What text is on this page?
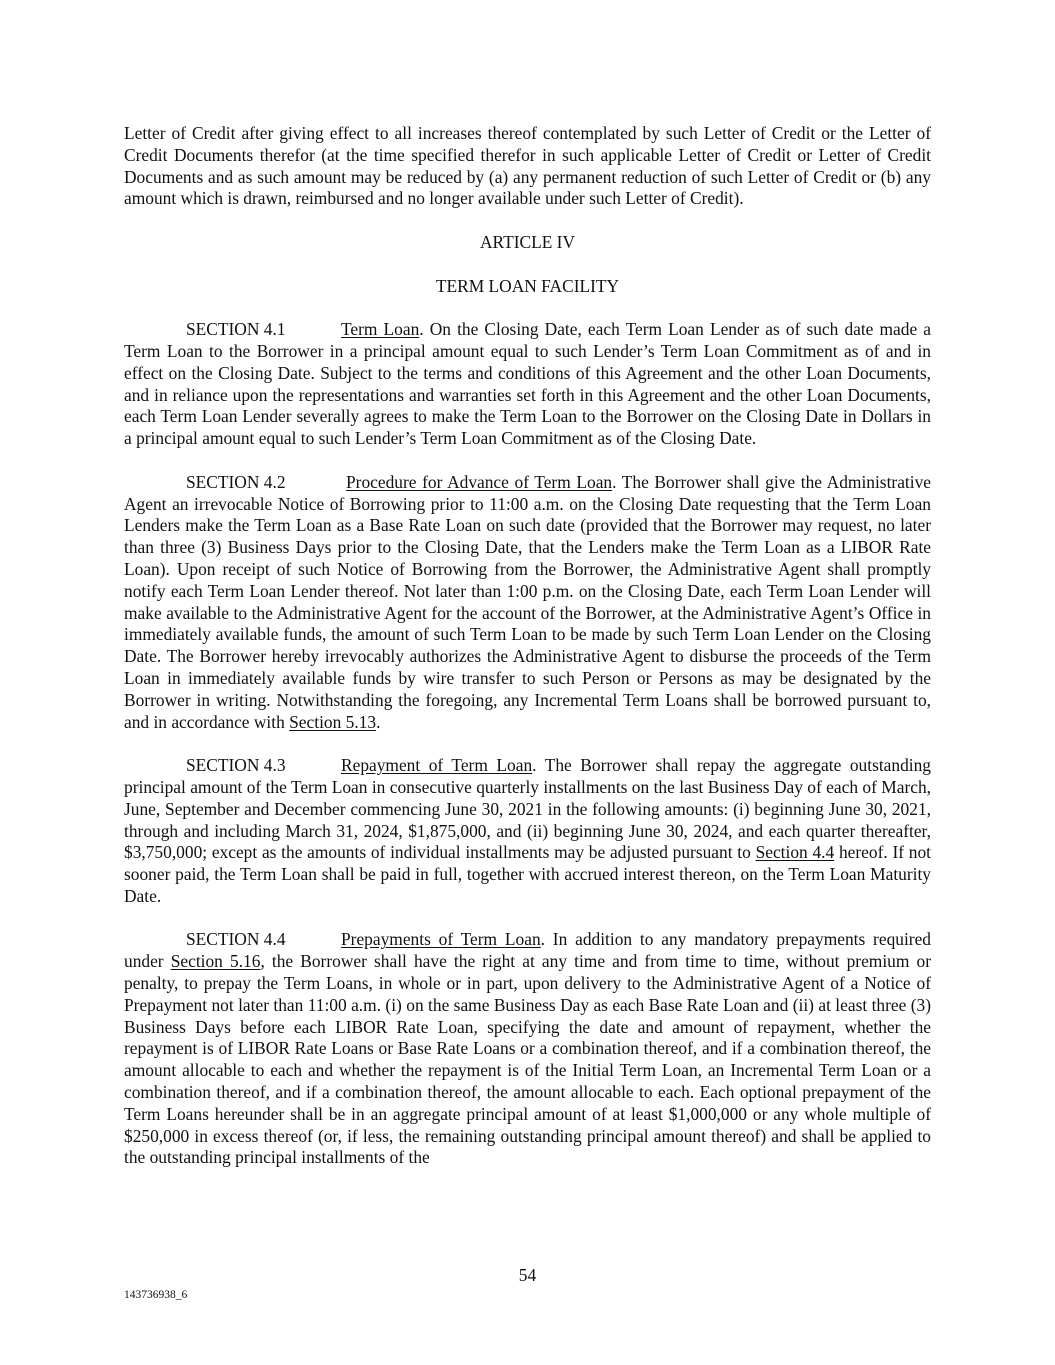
Letter of Credit after giving effect to all increases thereof contemplated by such Letter of Credit or the Letter of Credit Documents therefor (at the time specified therefor in such applicable Letter of Credit or Letter of Credit Documents and as such amount may be reduced by (a) any permanent reduction of such Letter of Credit or (b) any amount which is drawn, reimbursed and no longer available under such Letter of Credit).

ARTICLE IV

TERM LOAN FACILITY

SECTION 4.1	Term Loan. On the Closing Date, each Term Loan Lender as of such date made a Term Loan to the Borrower in a principal amount equal to such Lender’s Term Loan Commitment as of and in effect on the Closing Date. Subject to the terms and conditions of this Agreement and the other Loan Documents, and in reliance upon the representations and warranties set forth in this Agreement and the other Loan Documents, each Term Loan Lender severally agrees to make the Term Loan to the Borrower on the Closing Date in Dollars in a principal amount equal to such Lender’s Term Loan Commitment as of the Closing Date.

SECTION 4.2	Procedure for Advance of Term Loan. The Borrower shall give the Administrative Agent an irrevocable Notice of Borrowing prior to 11:00 a.m. on the Closing Date requesting that the Term Loan Lenders make the Term Loan as a Base Rate Loan on such date (provided that the Borrower may request, no later than three (3) Business Days prior to the Closing Date, that the Lenders make the Term Loan as a LIBOR Rate Loan). Upon receipt of such Notice of Borrowing from the Borrower, the Administrative Agent shall promptly notify each Term Loan Lender thereof. Not later than 1:00 p.m. on the Closing Date, each Term Loan Lender will make available to the Administrative Agent for the account of the Borrower, at the Administrative Agent’s Office in immediately available funds, the amount of such Term Loan to be made by such Term Loan Lender on the Closing Date. The Borrower hereby irrevocably authorizes the Administrative Agent to disburse the proceeds of the Term Loan in immediately available funds by wire transfer to such Person or Persons as may be designated by the Borrower in writing. Notwithstanding the foregoing, any Incremental Term Loans shall be borrowed pursuant to, and in accordance with Section 5.13.

SECTION 4.3	Repayment of Term Loan. The Borrower shall repay the aggregate outstanding principal amount of the Term Loan in consecutive quarterly installments on the last Business Day of each of March, June, September and December commencing June 30, 2021 in the following amounts: (i) beginning June 30, 2021, through and including March 31, 2024, $1,875,000, and (ii) beginning June 30, 2024, and each quarter thereafter, $3,750,000; except as the amounts of individual installments may be adjusted pursuant to Section 4.4 hereof. If not sooner paid, the Term Loan shall be paid in full, together with accrued interest thereon, on the Term Loan Maturity Date.

SECTION 4.4	Prepayments of Term Loan. In addition to any mandatory prepayments required under Section 5.16, the Borrower shall have the right at any time and from time to time, without premium or penalty, to prepay the Term Loans, in whole or in part, upon delivery to the Administrative Agent of a Notice of Prepayment not later than 11:00 a.m. (i) on the same Business Day as each Base Rate Loan and (ii) at least three (3) Business Days before each LIBOR Rate Loan, specifying the date and amount of repayment, whether the repayment is of LIBOR Rate Loans or Base Rate Loans or a combination thereof, and if a combination thereof, the amount allocable to each and whether the repayment is of the Initial Term Loan, an Incremental Term Loan or a combination thereof, and if a combination thereof, the amount allocable to each. Each optional prepayment of the Term Loans hereunder shall be in an aggregate principal amount of at least $1,000,000 or any whole multiple of $250,000 in excess thereof (or, if less, the remaining outstanding principal amount thereof) and shall be applied to the outstanding principal installments of the

54
143736938_6
